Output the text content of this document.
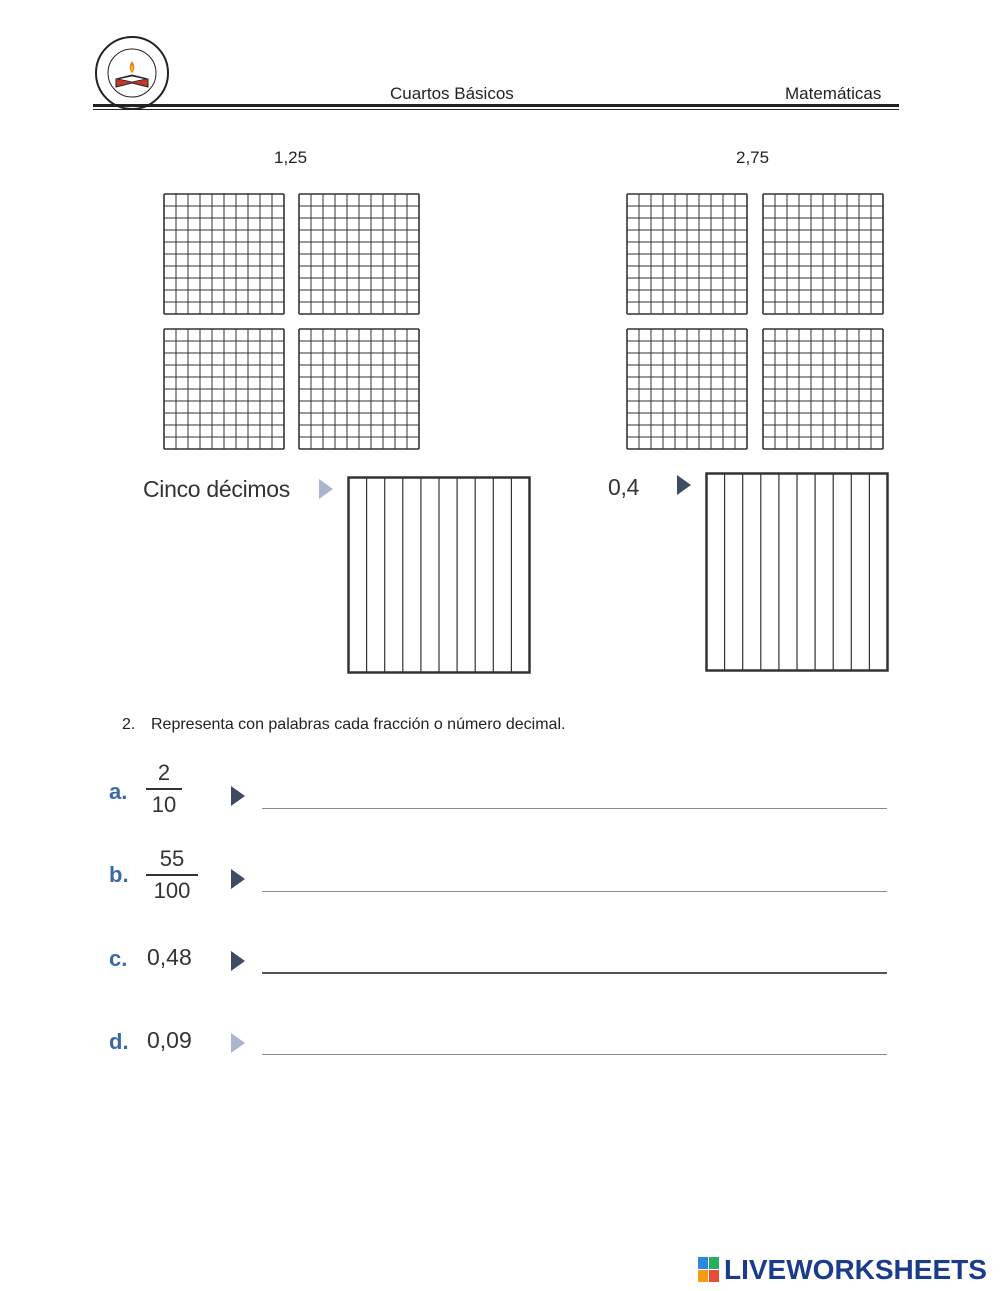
Cuartos Básicos	Matemáticas
1,25	2,75
Cinco décimos	0,4
2. Representa con palabras cada fracción o número decimal.
a.
2
10
b.
55
100
c. 0,48
d. 0,09
LIVEWORKSHEETS
